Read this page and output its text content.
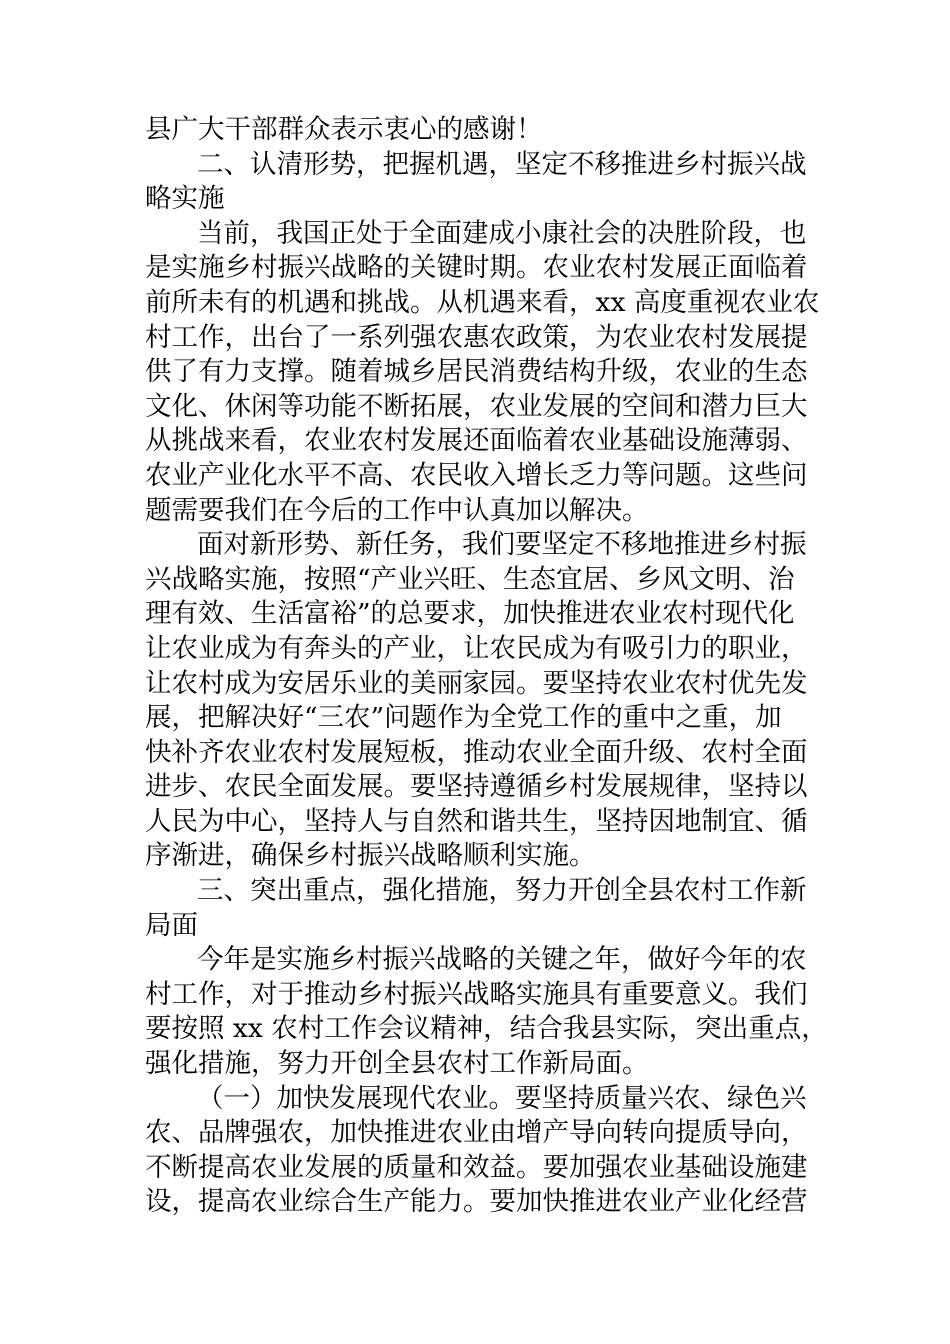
县广大干部群众表示衷心的感谢！
二、认清形势，把握机遇，坚定不移推进乡村振兴战
略实施
当前，我国正处于全面建成小康社会的决胜阶段，也
是实施乡村振兴战略的关键时期。农业农村发展正面临着
前所未有的机遇和挑战。从机遇来看，xx 高度重视农业农
村工作，出台了一系列强农惠农政策，为农业农村发展提
供了有力支撑。随着城乡居民消费结构升级，农业的生态
文化、休闲等功能不断拓展，农业发展的空间和潜力巨大
从挑战来看，农业农村发展还面临着农业基础设施薄弱、
农业产业化水平不高、农民收入增长乏力等问题。这些问
题需要我们在今后的工作中认真加以解决。
面对新形势、新任务，我们要坚定不移地推进乡村振
兴战略实施，按照“产业兴旺、生态宜居、乡风文明、治
理有效、生活富裕”的总要求，加快推进农业农村现代化
让农业成为有奔头的产业，让农民成为有吸引力的职业，
让农村成为安居乐业的美丽家园。要坚持农业农村优先发
展，把解决好“三农”问题作为全党工作的重中之重，加
快补齐农业农村发展短板，推动农业全面升级、农村全面
进步、农民全面发展。要坚持遵循乡村发展规律，坚持以
人民为中心，坚持人与自然和谐共生，坚持因地制宜、循
序渐进，确保乡村振兴战略顺利实施。
三、突出重点，强化措施，努力开创全县农村工作新
局面
今年是实施乡村振兴战略的关键之年，做好今年的农
村工作，对于推动乡村振兴战略实施具有重要意义。我们
要按照 xx 农村工作会议精神，结合我县实际，突出重点，
强化措施，努力开创全县农村工作新局面。
（一）加快发展现代农业。要坚持质量兴农、绿色兴
农、品牌强农，加快推进农业由增产导向转向提质导向，
不断提高农业发展的质量和效益。要加强农业基础设施建
设，提高农业综合生产能力。要加快推进农业产业化经营
